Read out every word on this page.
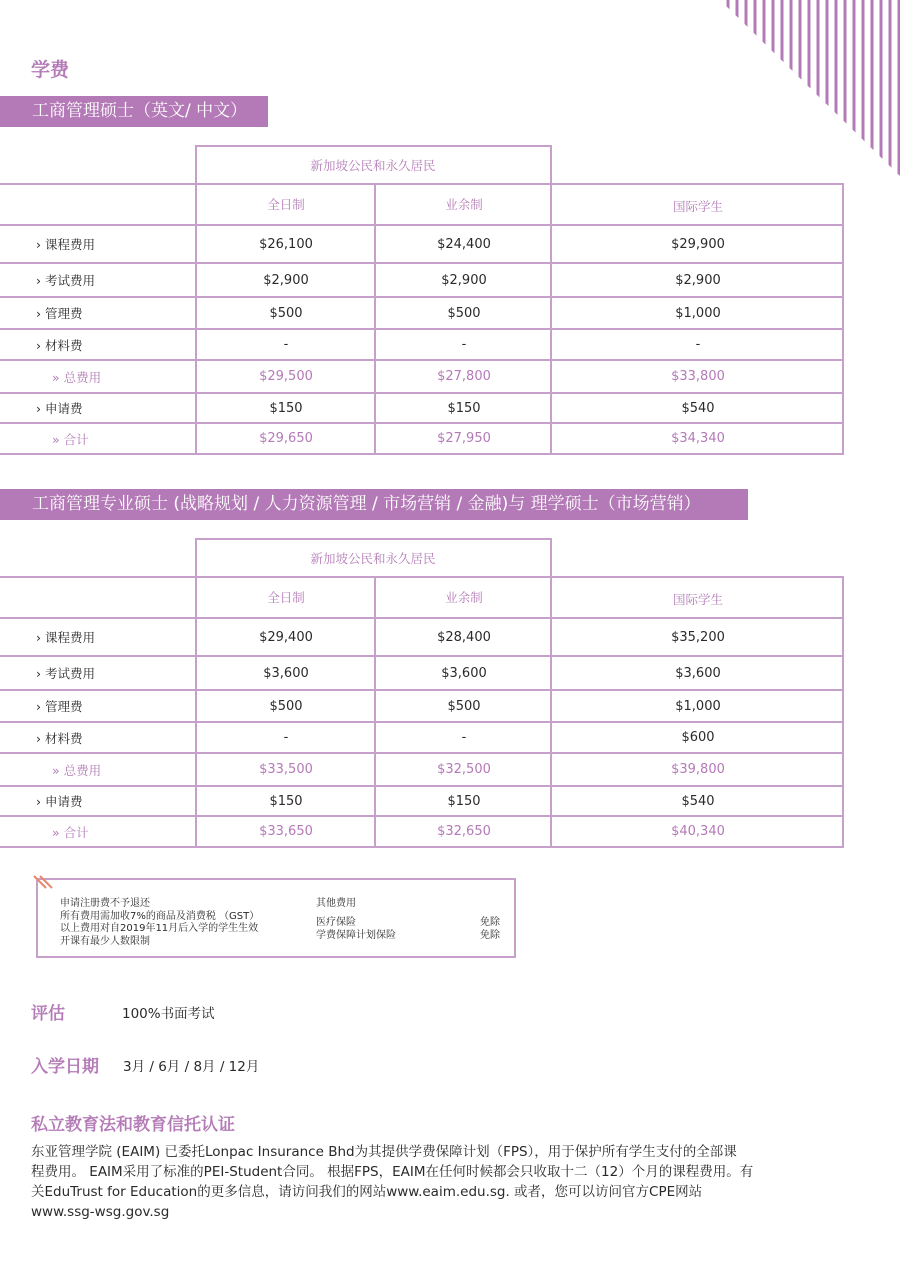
学费
工商管理硕士（英文/ 中文）
新加坡公民和永久居民
全日制	业余制	国际学生
› 课程费用	$26,100	$24,400	$29,900
› 考试费用	$2,900	$2,900	$2,900
› 管理费	$500	$500	$1,000
› 材料费	-	-	-
» 总费用	$29,500	$27,800	$33,800
› 申请费	$150	$150	$540
» 合计	$29,650	$27,950	$34,340
工商管理专业硕士 (战略规划 / 人力资源管理 / 市场营销 / 金融)与 理学硕士（市场营销）
新加坡公民和永久居民
全日制	业余制	国际学生
› 课程费用	$29,400	$28,400	$35,200
› 考试费用	$3,600	$3,600	$3,600
› 管理费	$500	$500	$1,000
› 材料费	-	-	$600
» 总费用	$33,500	$32,500	$39,800
› 申请费	$150	$150	$540
» 合计	$33,650	$32,650	$40,340
申请注册费不予退还
所有费用需加收7%的商品及消费税 （GST）
以上费用对自2019年11月后入学的学生生效
开课有最少人数限制
其他费用
医疗保险	免除
学费保障计划保险	免除
评估	100%书面考试
入学日期 3月 / 6月 / 8月 / 12月
私立教育法和教育信托认证
东亚管理学院 (EAIM) 已委托Lonpac Insurance Bhd为其提供学费保障计划（FPS），用于保护所有学生支付的全部课
程费用。 EAIM采用了标准的PEI-Student合同。 根据FPS，EAIM在任何时候都会只收取十二（12）个月的课程费用。有
关EduTrust for Education的更多信息，请访问我们的网站www.eaim.edu.sg. 或者，您可以访问官方CPE网站
www.ssg-wsg.gov.sg
